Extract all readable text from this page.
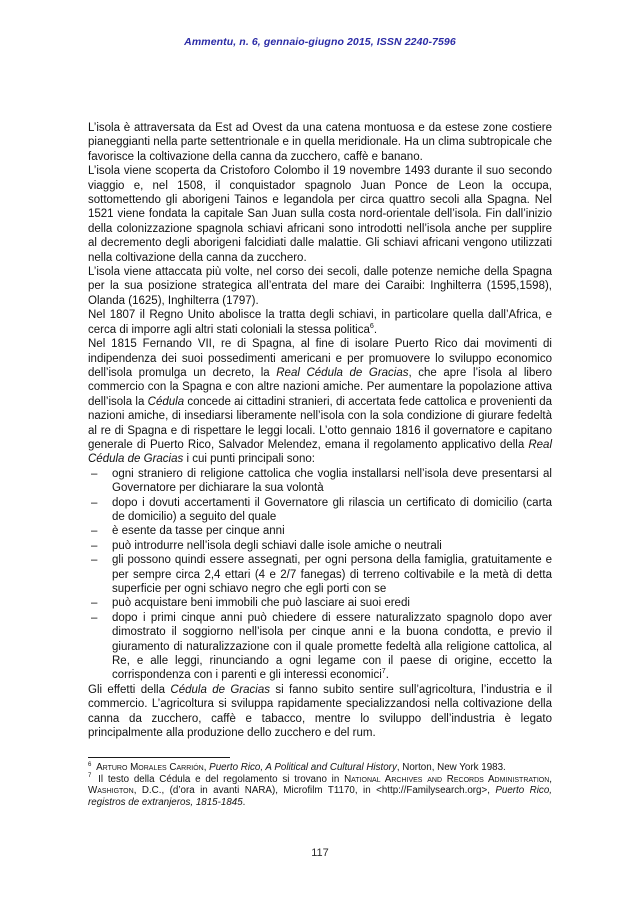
Ammentu, n. 6, gennaio-giugno 2015, ISSN 2240-7596
L’isola è attraversata da Est ad Ovest da una catena montuosa e da estese zone costiere pianeggianti nella parte settentrionale e in quella meridionale. Ha un clima subtropicale che favorisce la coltivazione della canna da zucchero, caffè e banano.
L’isola viene scoperta da Cristoforo Colombo il 19 novembre 1493 durante il suo secondo viaggio e, nel 1508, il conquistador spagnolo Juan Ponce de Leon la occupa, sottomettendo gli aborigeni Tainos e legandola per circa quattro secoli alla Spagna. Nel 1521 viene fondata la capitale San Juan sulla costa nord-orientale dell’isola. Fin dall’inizio della colonizzazione spagnola schiavi africani sono introdotti nell’isola anche per supplire al decremento degli aborigeni falcidiati dalle malattie. Gli schiavi africani vengono utilizzati nella coltivazione della canna da zucchero.
L’isola viene attaccata più volte, nel corso dei secoli, dalle potenze nemiche della Spagna per la sua posizione strategica all’entrata del mare dei Caraibi: Inghilterra (1595,1598), Olanda (1625), Inghilterra (1797).
Nel 1807 il Regno Unito abolisce la tratta degli schiavi, in particolare quella dall’Africa, e cerca di imporre agli altri stati coloniali la stessa politica$^6$.
Nel 1815 Fernando VII, re di Spagna, al fine di isolare Puerto Rico dai movimenti di indipendenza dei suoi possedimenti americani e per promuovere lo sviluppo economico dell’isola promulga un decreto, la Real Cédula de Gracias, che apre l’isola al libero commercio con la Spagna e con altre nazioni amiche. Per aumentare la popolazione attiva dell’isola la Cédula concede ai cittadini stranieri, di accertata fede cattolica e provenienti da nazioni amiche, di insediarsi liberamente nell’isola con la sola condizione di giurare fedeltà al re di Spagna e di rispettare le leggi locali. L’otto gennaio 1816 il governatore e capitano generale di Puerto Rico, Salvador Melendez, emana il regolamento applicativo della Real Cédula de Gracias i cui punti principali sono:
– ogni straniero di religione cattolica che voglia installarsi nell’isola deve presentarsi al Governatore per dichiarare la sua volontà
– dopo i dovuti accertamenti il Governatore gli rilascia un certificato di domicilio (carta de domicilio) a seguito del quale
– è esente da tasse per cinque anni
– può introdurre nell’isola degli schiavi dalle isole amiche o neutrali
– gli possono quindi essere assegnati, per ogni persona della famiglia, gratuitamente e per sempre circa 2,4 ettari (4 e 2/7 fanegas) di terreno coltivabile e la metà di detta superficie per ogni schiavo negro che egli porti con se
– può acquistare beni immobili che può lasciare ai suoi eredi
– dopo i primi cinque anni può chiedere di essere naturalizzato spagnolo dopo aver dimostrato il soggiorno nell’isola per cinque anni e la buona condotta, e previo il giuramento di naturalizzazione con il quale promette fedeltà alla religione cattolica, al Re, e alle leggi, rinunciando a ogni legame con il paese di origine, eccetto la corrispondenza con i parenti e gli interessi economici$^7$.
Gli effetti della Cédula de Gracias si fanno subito sentire sull’agricoltura, l’industria e il commercio. L’agricoltura si sviluppa rapidamente specializzandosi nella coltivazione della canna da zucchero, caffè e tabacco, mentre lo sviluppo dell’industria è legato principalmente alla produzione dello zucchero e del rum.
$^6$ Arturo Morales Carrión, Puerto Rico, A Political and Cultural History, Norton, New York 1983.
$^7$ Il testo della Cédula e del regolamento si trovano in National Archives and Records Administration, Washigton, D.C., (d’ora in avanti NARA), Microfilm T1170, in <http://Familysearch.org>, Puerto Rico, registros de extranjeros, 1815-1845.
117
